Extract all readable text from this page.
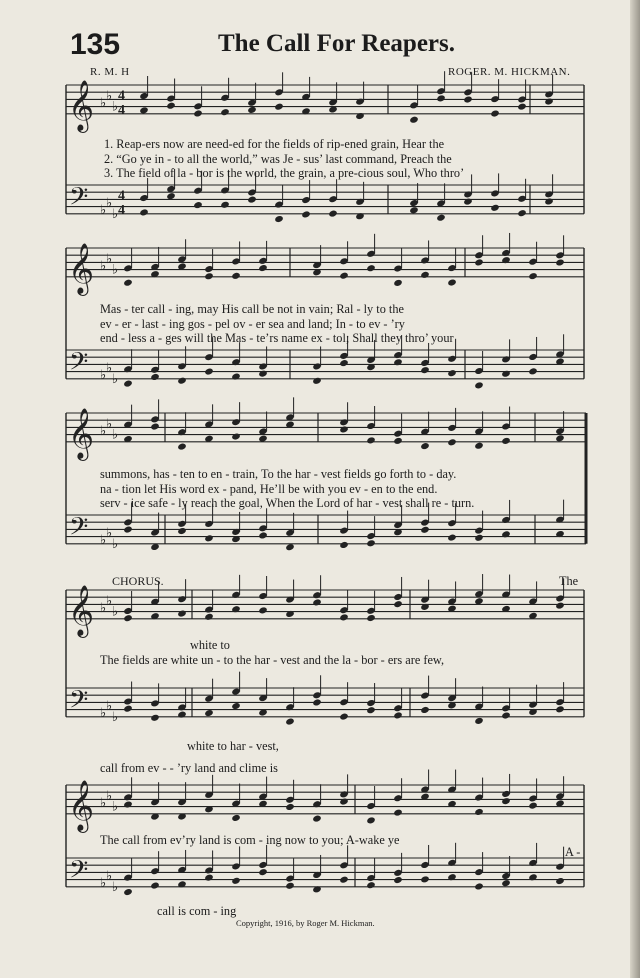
135	The Call For Reapers.
R. M. H	ROGER. M. HICKMAN.
𝄞
𝄢
♭
♭
♭
♭
♭
♭
4
4
4
4
𝄞
𝄢
♭
♭
♭
♭
♭
♭
𝄞
𝄢
♭
♭
♭
♭
♭
♭
𝄞
𝄢
♭
♭
♭
♭
♭
♭
𝄞
𝄢
♭
♭
♭
♭
♭
♭
1. Reap-ers now are need-ed for the fields of rip-ened grain, Hear the
2. “Go ye in - to all the world,” was Je - sus’ last command, Preach the
3. The field of la - bor is the world, the grain, a pre-cious soul, Who thro’
Mas - ter call - ing, may His call be not in vain; Ral - ly to the
ev - er - last - ing gos - pel ov - er sea and land; In - to ev - ’ry
end - less a - ges will the Mas - te’rs name ex - tol; Shall they thro’ your
summons, has - ten to en - train, To the har - vest fields go forth to - day.
na - tion let His word ex - pand, He’ll be with you ev - en to the end.
serv - ice safe - ly reach the goal, When the Lord of har - vest shall re - turn.
CHORUS.	The
white to
The fields are white un - to the har - vest and the la - bor - ers are few,
white to har - vest,
call from ev - - ’ry land and clime is
The call from ev’ry land is com - ing now to you; A-wake ye
A -
call is com - ing
Copyright, 1916, by Roger M. Hickman.
